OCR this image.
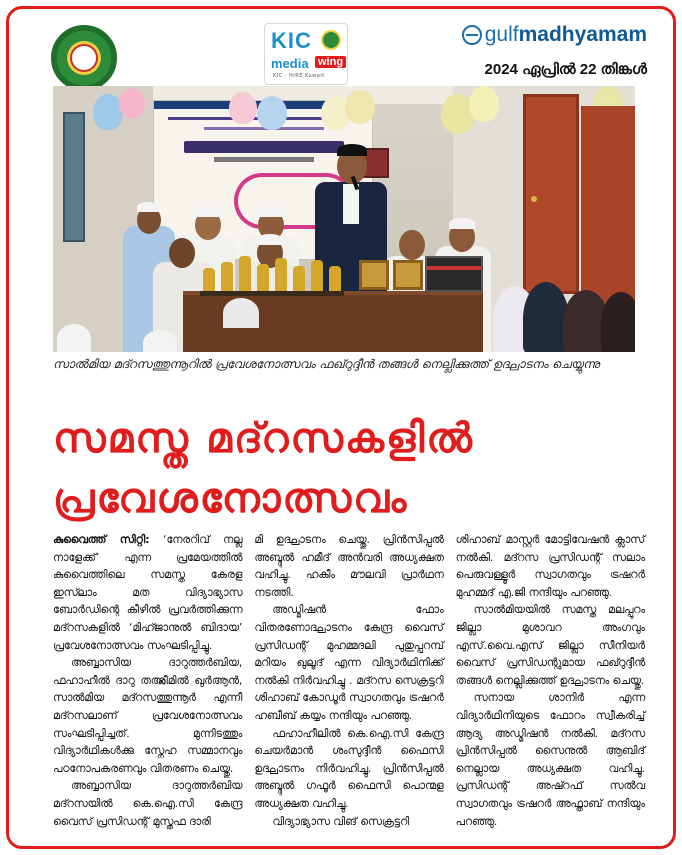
KIC
media wing
KIC · HIRE Kuwait
gulf madhyamam
2024 ഏപ്രിൽ 22 തിങ്കൾ
സാൽമിയ മദ്റസത്തുന്നൂറിൽ പ്രവേശനോത്സവം ഫഖ്റുദ്ദീൻ തങ്ങൾ നെല്ലിക്കുത്ത് ഉദ്ഘാടനം ചെയ്യുന്നു
സമസ്ത മദ്റസകളിൽ
പ്രവേശനോത്സവം

കുവൈത്ത് സിറ്റി: ‘നേരറിവ് നല്ല നാളേക്ക്’ എന്ന പ്രമേയത്തിൽ കുവൈത്തിലെ സമസ്ത കേരള ഇസ്‍ലാം മത വിദ്യാഭ്യാസ ബോർഡിന്റെ കീഴിൽ പ്രവർത്തിക്കുന്ന മദ്റസകളിൽ ‘മിഹ്ജാനുൽ ബിദായ’ പ്രവേശനോത്സവം സംഘടിപ്പിച്ചു.

അബ്ബാസിയ ദാറുത്തർബിയ, ഫഹാഹീൽ ദാറു തഅ്ലീമിൽ ഖുർആൻ, സാൽമിയ മദ്റസത്തുന്നൂർ എന്നീ മദ്റസലാണ് പ്രവേശനോത്സവം സംഘടിപ്പിച്ചത്. മുന്നിടത്തും വിദ്യാർഥികൾക്കു സ്നേഹ സമ്മാനവും പഠനോപകരണവും വിതരണം ചെയ്തു.

അബ്ബാസിയ ദാറുത്തർബിയ മദ്റസയിൽ കെ.ഐ.സി കേന്ദ്ര വൈസ് പ്രസിഡന്റ് മുസ്തഫ ദാരി

മി ഉദ്ഘാടനം ചെയ്തു. പ്രിൻസിപ്പൽ അബ്ദുൽ ഹമീദ് അൻവരി അധ്യക്ഷത വഹിച്ചു. ഹകീം മൗലവി പ്രാർഥന നടത്തി.

അഡ്മിഷൻ ഫോം വിതരണോദ്ഘാടനം കേന്ദ്ര വൈസ് പ്രസിഡന്റ് മുഹമ്മദലി പുതുപ്പറമ്പ് മറിയം ഖുലൂദ് എന്ന വിദ്യാർഥിനിക്ക് നൽകി നിർവഹിച്ചു . മദ്റസ സെക്രട്ടറി ശിഹാബ് കോഡൂർ സ്വാഗതവും ട്രഷറർ ഹബീബ് കയ്യം നന്ദിയും പറഞ്ഞു.

ഫഹാഹീലിൽ കെ.ഐ.സി കേന്ദ്ര ചെയർമാൻ ശംസുദ്ദീൻ ഫൈസി ഉദ്ഘാടനം നിർവഹിച്ചു. പ്രിൻസിപ്പൽ അബ്ദുൽ ഗഫൂർ ഫൈസി പൊന്മള അധ്യക്ഷത വഹിച്ചു.

വിദ്യാഭ്യാസ വിങ് സെക്രട്ടറി

ശിഹാബ് മാസ്റ്റർ മോട്ടിവേഷൻ ക്ലാസ് നൽകി. മദ്റസ പ്രസിഡന്റ് സലാം പെരുവള്ളൂർ സ്വാഗതവും ട്രഷറർ മുഹമ്മദ് എ.ജി നന്ദിയും പറഞ്ഞു.

സാൽമിയയിൽ സമസ്ത മലപ്പുറം ജില്ലാ മുശാവറ അംഗവും എസ്.വൈ.എസ് ജില്ലാ സീനിയർ വൈസ് പ്രസിഡന്റുമായ ഫഖ്റുദ്ദീൻ തങ്ങൾ നെല്ലിക്കുത്ത് ഉദ്ഘാടനം ചെയ്തു.

സനായ ശാനിർ എന്ന വിദ്യാർഥിനിയുടെ ഫോറം സ്വീകരിച്ച് ആദ്യ അഡ്മിഷൻ നൽകി. മദ്റസ പ്രിൻസിപ്പൽ സൈനുൽ ആബിദ് നെല്ലായ അധ്യക്ഷത വഹിച്ചു. പ്രസിഡന്റ് അഷ്റഫ് സൽവ സ്വാഗതവും ട്രഷറർ അഫ്താബ് നന്ദിയും പറഞ്ഞു.
